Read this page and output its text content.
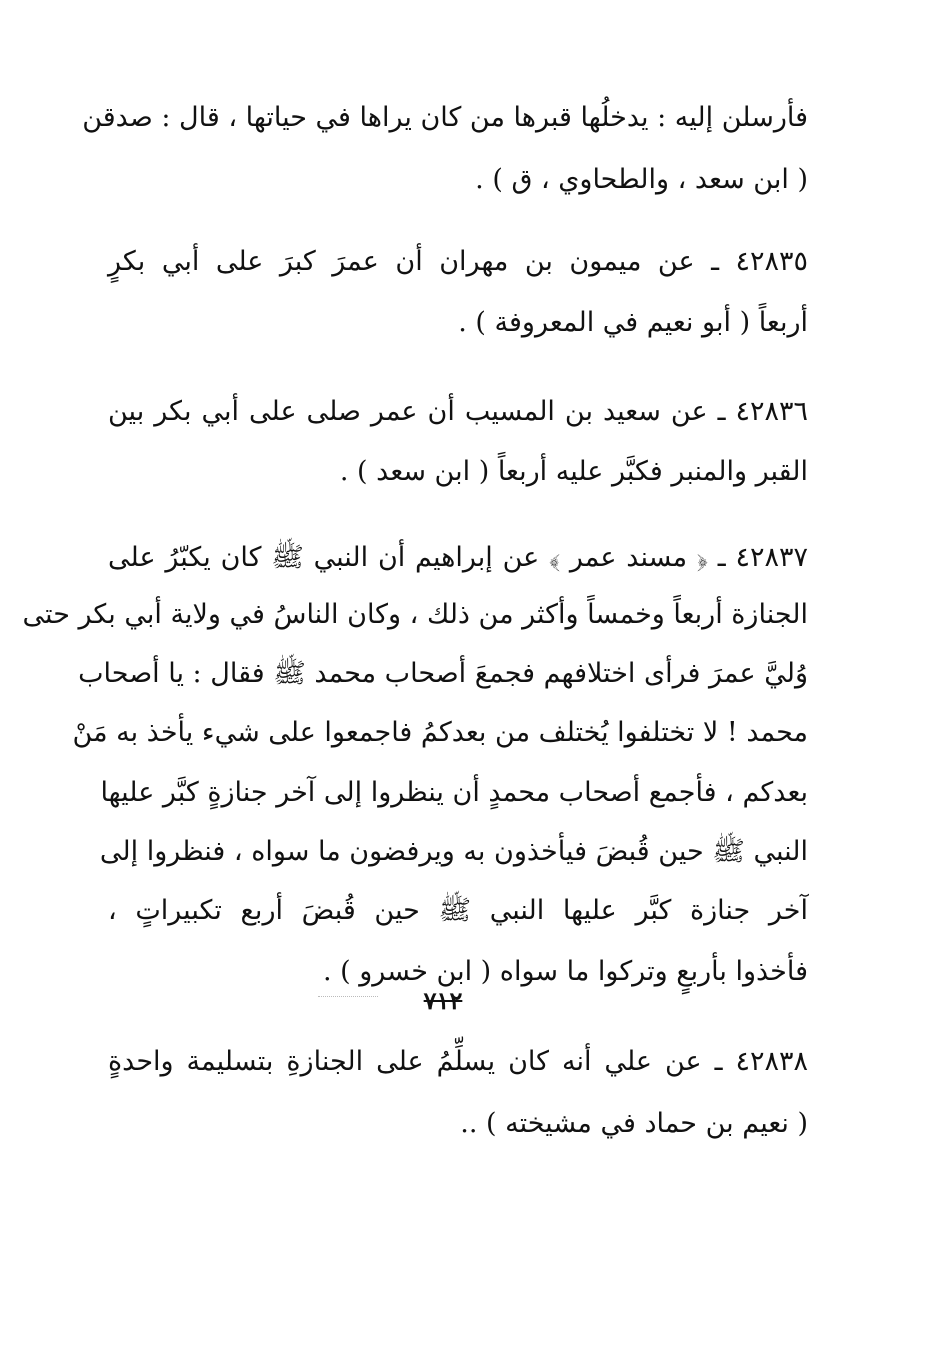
فأرسلن إليه : يدخلُها قبرها من كان يراها في حياتها ، قال : صدقن
( ابن سعد ، والطحاوي ، ق ) .
٤٢٨٣٥ ـ عن ميمون بن مهران أن عمرَ كبرَ على أبي بكرٍ
أربعاً ( أبو نعيم في المعروفة ) .
٤٢٨٣٦ ـ عن سعيد بن المسيب أن عمر صلى على أبي بكر بين
القبر والمنبر فكبَّر عليه أربعاً ( ابن سعد ) .
٤٢٨٣٧ ـ ﴿ مسند عمر ﴾ عن إبراهيم أن النبي ﷺ كان يكبّرُ على
الجنازة أربعاً وخمساً وأكثر من ذلك ، وكان الناسُ في ولاية أبي بكر حتى
وُليَّ عمرَ فرأى اختلافهم فجمعَ أصحاب محمد ﷺ فقال : يا أصحاب
محمد ! لا تختلفوا يُختلف من بعدكمُ فاجمعوا على شيء يأخذ به مَنْ
بعدكم ، فأجمع أصحاب محمدٍ أن ينظروا إلى آخر جنازةٍ كبَّر عليها
النبي ﷺ حين قُبضَ فيأخذون به ويرفضون ما سواه ، فنظروا إلى
آخر جنازة كبَّر عليها النبي ﷺ حين قُبضَ أربع تكبيراتٍ ،
فأخذوا بأربعٍ وتركوا ما سواه ( ابن خسرو ) .
٤٢٨٣٨ ـ عن علي أنه كان يسلِّمُ على الجنازةِ بتسليمة واحدةٍ
( نعيم بن حماد في مشيخته ) ..
٧١٢
